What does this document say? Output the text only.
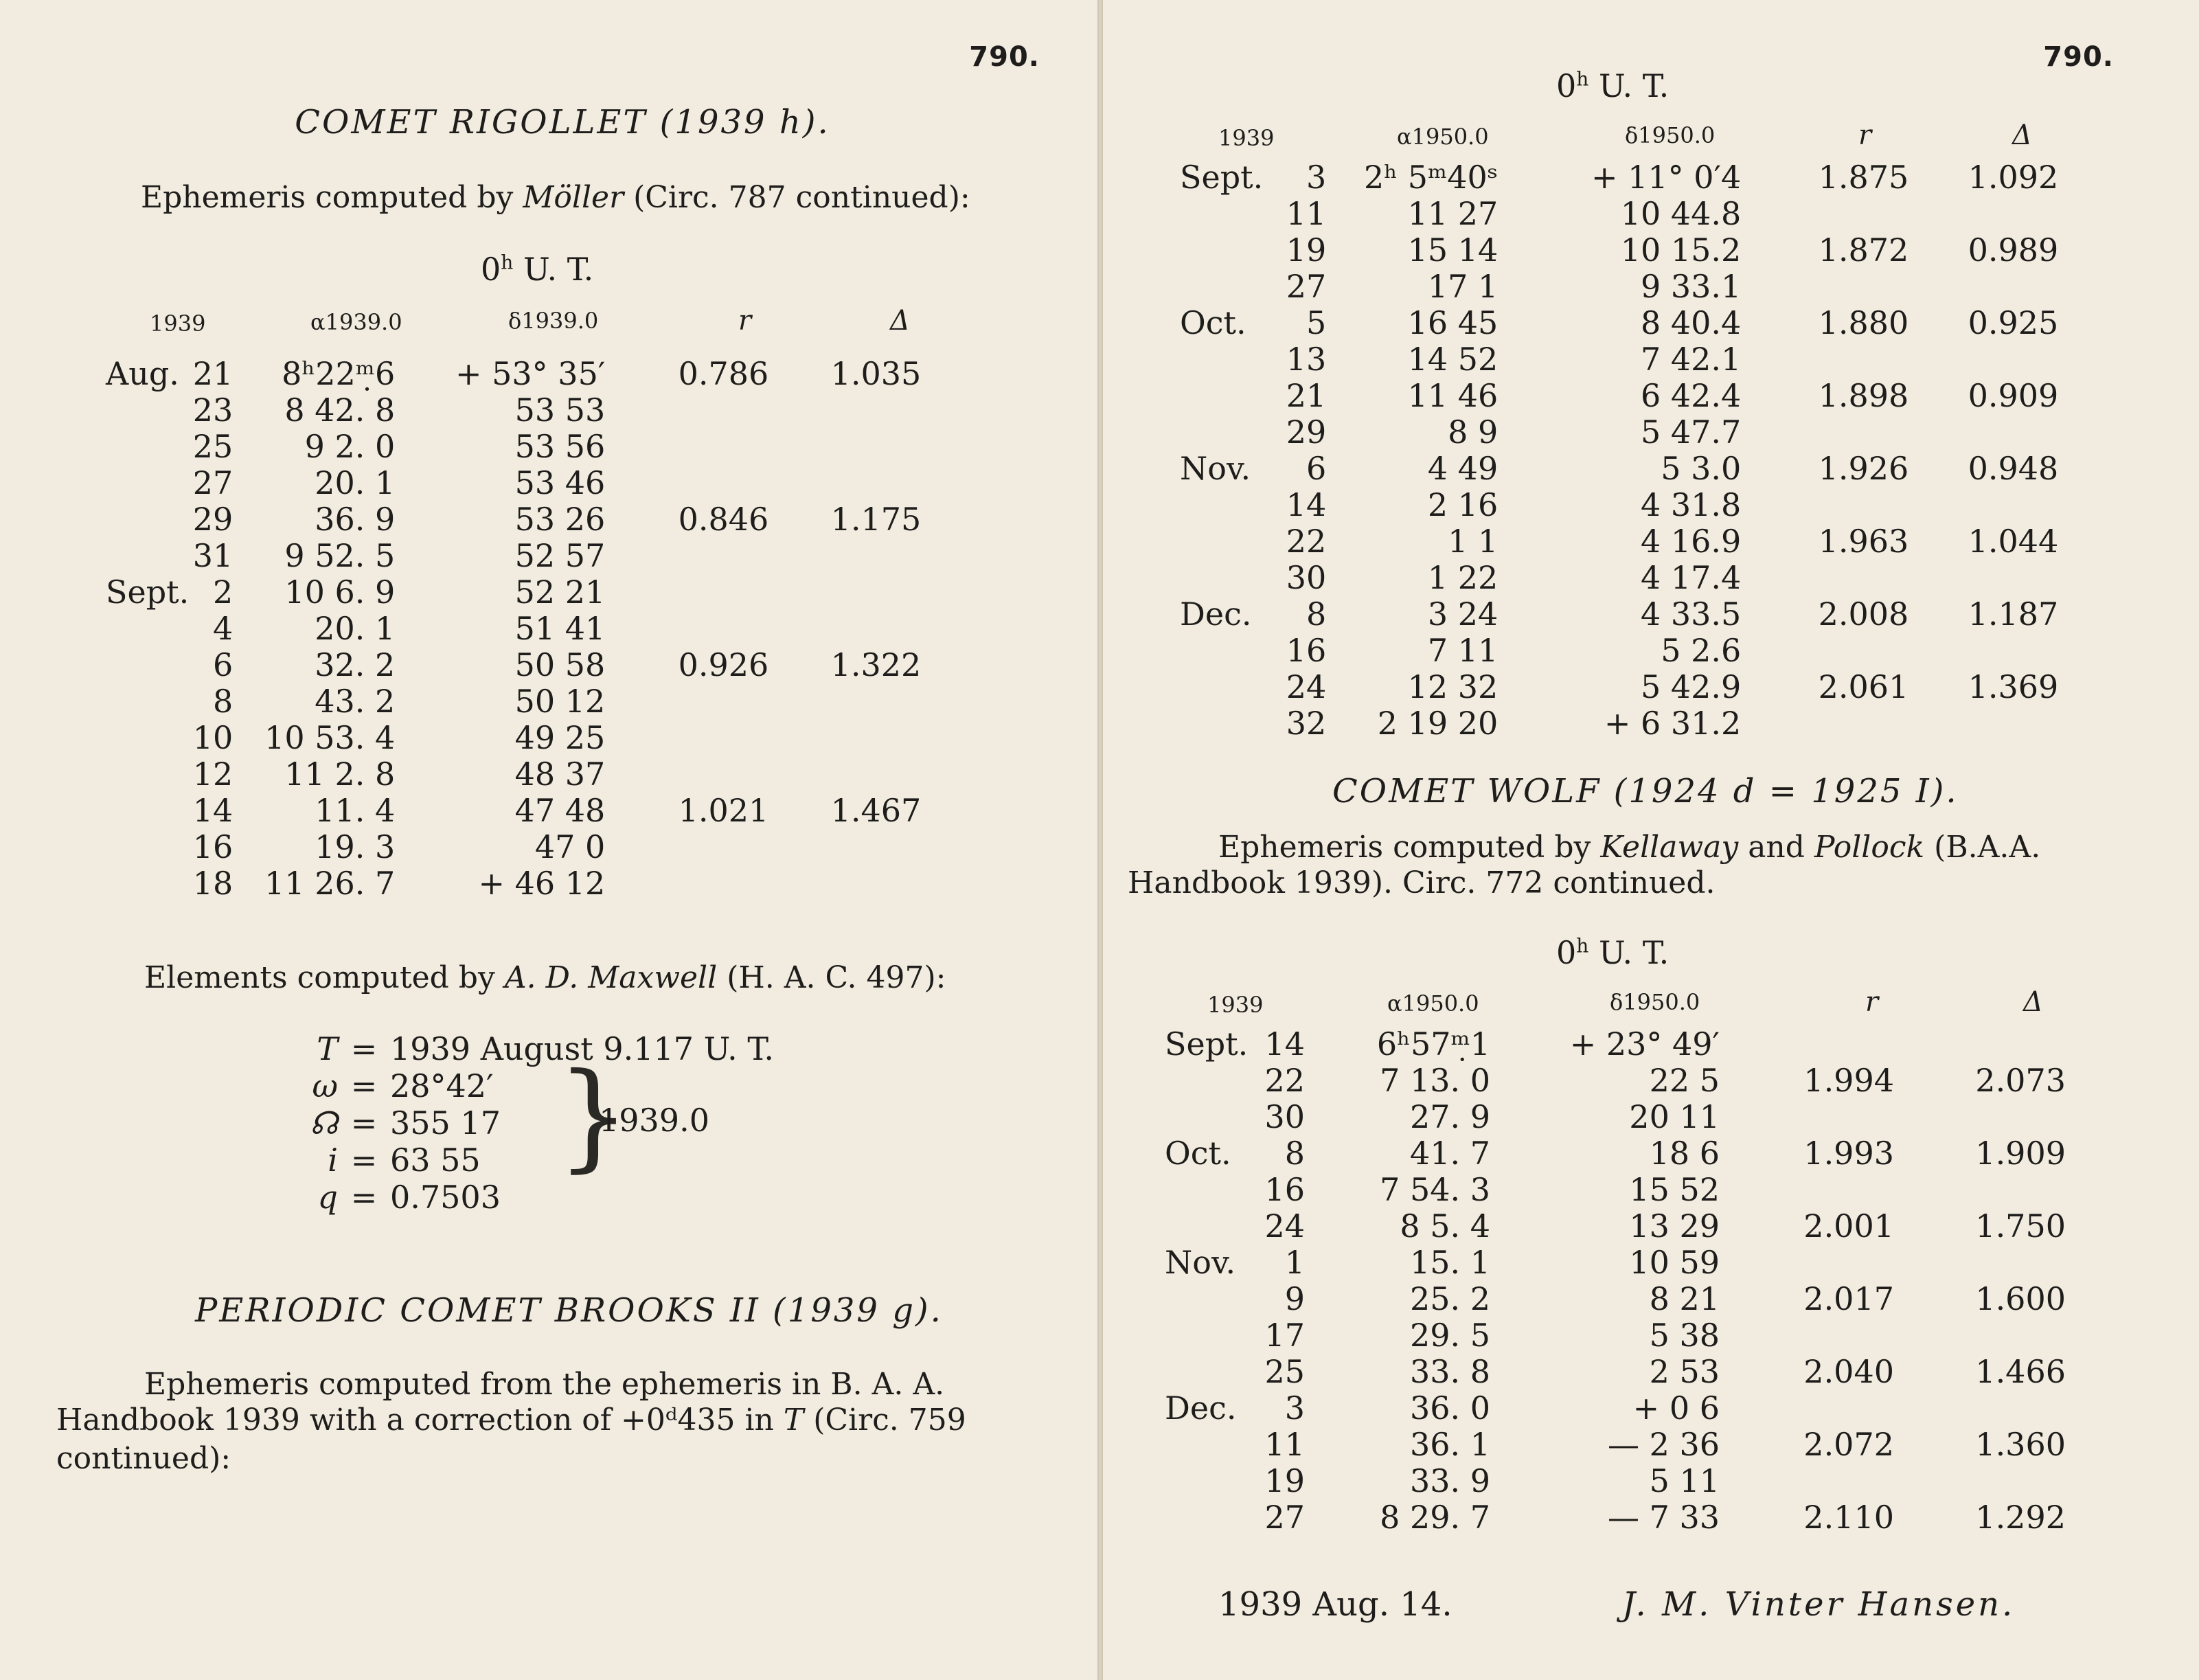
790.
COMET RIGOLLET (1939 h).
Ephemeris computed by Möller (Circ. 787 continued):
0$^h$ U. T.
1939	α1939.0	δ1939.0	r	Δ
Aug.	21	8ʰ22ᵐ̣6	+ 53° 35′	0.786	1.035
	23	8 42. 8	53 53		
	25	9 2. 0	53 56		
	27	20. 1	53 46		
	29	36. 9	53 26	0.846	1.175
	31	9 52. 5	52 57		
Sept.	2	10 6. 9	52 21		
	4	20. 1	51 41		
	6	32. 2	50 58	0.926	1.322
	8	43. 2	50 12		
	10	10 53. 4	49 25		
	12	11 2. 8	48 37		
	14	11. 4	47 48	1.021	1.467
	16	19. 3	47 0		
	18	11 26. 7	+ 46 12		
Elements computed by A. D. Maxwell (H. A. C. 497):
T = 1939 August 9.117 U. T.
ω = 28°42′
☊ = 355 17
i = 63 55
q = 0.7503
}
1939.0
PERIODIC COMET BROOKS II (1939 g).
Ephemeris computed from the ephemeris in B. A. A.
Handbook 1939 with a correction of +0ᵈ435 in T (Circ. 759
continued):
790.
0$^h$ U. T.
1939	α1950.0	δ1950.0	r	Δ
Sept.	3	2ʰ 5ᵐ40ˢ	+ 11° 0′4	1.875	1.092
	11	11 27	10 44.8		
	19	15 14	10 15.2	1.872	0.989
	27	17 1	9 33.1		
Oct.	5	16 45	8 40.4	1.880	0.925
	13	14 52	7 42.1		
	21	11 46	6 42.4	1.898	0.909
	29	8 9	5 47.7		
Nov.	6	4 49	5 3.0	1.926	0.948
	14	2 16	4 31.8		
	22	1 1	4 16.9	1.963	1.044
	30	1 22	4 17.4		
Dec.	8	3 24	4 33.5	2.008	1.187
	16	7 11	5 2.6		
	24	12 32	5 42.9	2.061	1.369
	32	2 19 20	+ 6 31.2		
COMET WOLF (1924 d = 1925 I).
Ephemeris computed by Kellaway and Pollock (B.A.A.
Handbook 1939). Circ. 772 continued.
0$^h$ U. T.
1939	α1950.0	δ1950.0	r	Δ
Sept.	14	6ʰ57ᵐ̣1	+ 23° 49′		
	22	7 13. 0	22 5	1.994	2.073
	30	27. 9	20 11		
Oct.	8	41. 7	18 6	1.993	1.909
	16	7 54. 3	15 52		
	24	8 5. 4	13 29	2.001	1.750
Nov.	1	15. 1	10 59		
	9	25. 2	8 21	2.017	1.600
	17	29. 5	5 38		
	25	33. 8	2 53	2.040	1.466
Dec.	3	36. 0	+ 0 6		
	11	36. 1	— 2 36	2.072	1.360
	19	33. 9	5 11		
	27	8 29. 7	— 7 33	2.110	1.292
1939 Aug. 14.	J. M. Vinter Hansen.
